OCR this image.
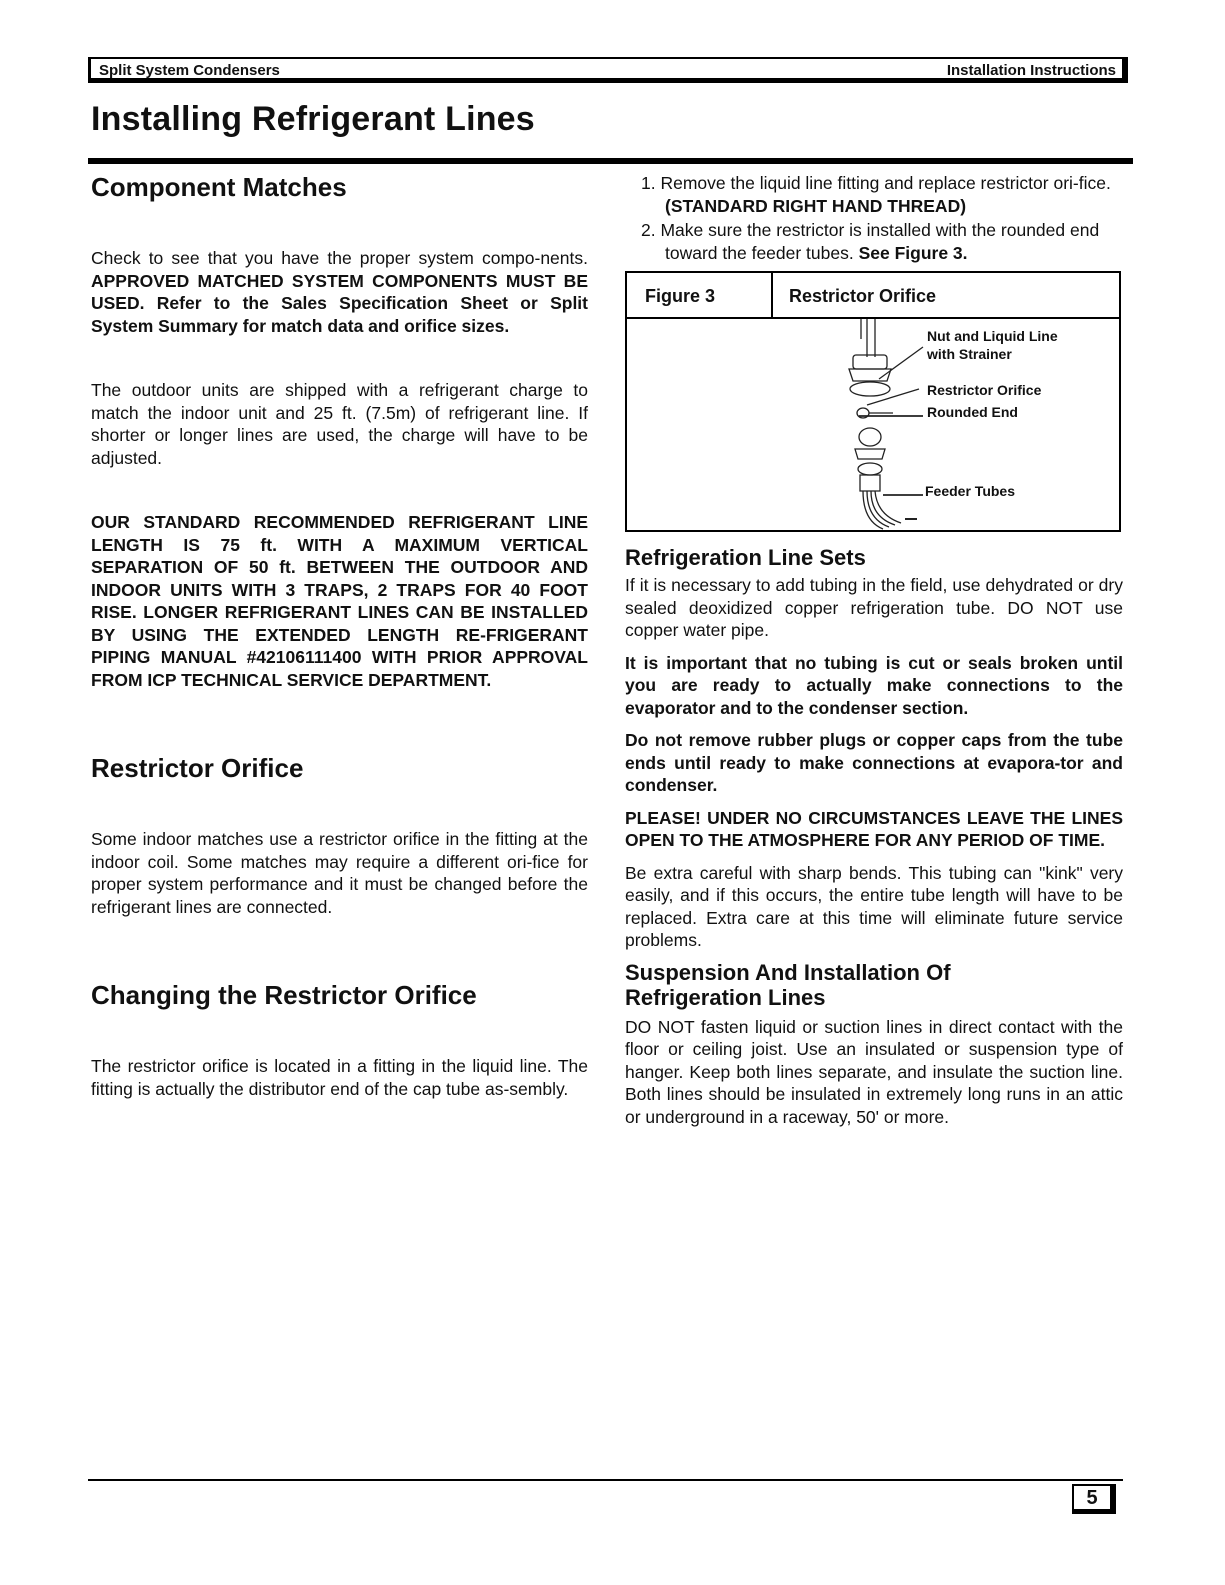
Split System Condensers	Installation Instructions
Installing Refrigerant Lines
Component Matches

Check to see that you have the proper system compo-nents. APPROVED MATCHED SYSTEM COMPONENTS MUST BE USED. Refer to the Sales Specification Sheet or Split System Summary for match data and orifice sizes.

The outdoor units are shipped with a refrigerant charge to match the indoor unit and 25 ft. (7.5m) of refrigerant line. If shorter or longer lines are used, the charge will have to be adjusted.

OUR STANDARD RECOMMENDED REFRIGERANT LINE LENGTH IS 75 ft. WITH A MAXIMUM VERTICAL SEPARATION OF 50 ft. BETWEEN THE OUTDOOR AND INDOOR UNITS WITH 3 TRAPS, 2 TRAPS FOR 40 FOOT RISE. LONGER REFRIGERANT LINES CAN BE INSTALLED BY USING THE EXTENDED LENGTH RE-FRIGERANT PIPING MANUAL #42106111400 WITH PRIOR APPROVAL FROM ICP TECHNICAL SERVICE DEPARTMENT.

Restrictor Orifice

Some indoor matches use a restrictor orifice in the fitting at the indoor coil. Some matches may require a different ori-fice for proper system performance and it must be changed before the refrigerant lines are connected.

Changing the Restrictor Orifice

The restrictor orifice is located in a fitting in the liquid line. The fitting is actually the distributor end of the cap tube as-sembly.

1. Remove the liquid line fitting and replace restrictor ori-fice. (STANDARD RIGHT HAND THREAD)
2. Make sure the restrictor is installed with the rounded end toward the feeder tubes. See Figure 3.
Figure 3	Restrictor Orifice
Nut and Liquid Line
with Strainer
Restrictor Orifice
Rounded End
Feeder Tubes
Refrigeration Line Sets

If it is necessary to add tubing in the field, use dehydrated or dry sealed deoxidized copper refrigeration tube. DO NOT use copper water pipe.

It is important that no tubing is cut or seals broken until you are ready to actually make connections to the evaporator and to the condenser section.

Do not remove rubber plugs or copper caps from the tube ends until ready to make connections at evapora-tor and condenser.

PLEASE! UNDER NO CIRCUMSTANCES LEAVE THE LINES OPEN TO THE ATMOSPHERE FOR ANY PERIOD OF TIME.

Be extra careful with sharp bends. This tubing can "kink" very easily, and if this occurs, the entire tube length will have to be replaced. Extra care at this time will eliminate future service problems.

Suspension And Installation Of
Refrigeration Lines

DO NOT fasten liquid or suction lines in direct contact with the floor or ceiling joist. Use an insulated or suspension type of hanger. Keep both lines separate, and insulate the suction line. Both lines should be insulated in extremely long runs in an attic or underground in a raceway, 50' or more.

5
